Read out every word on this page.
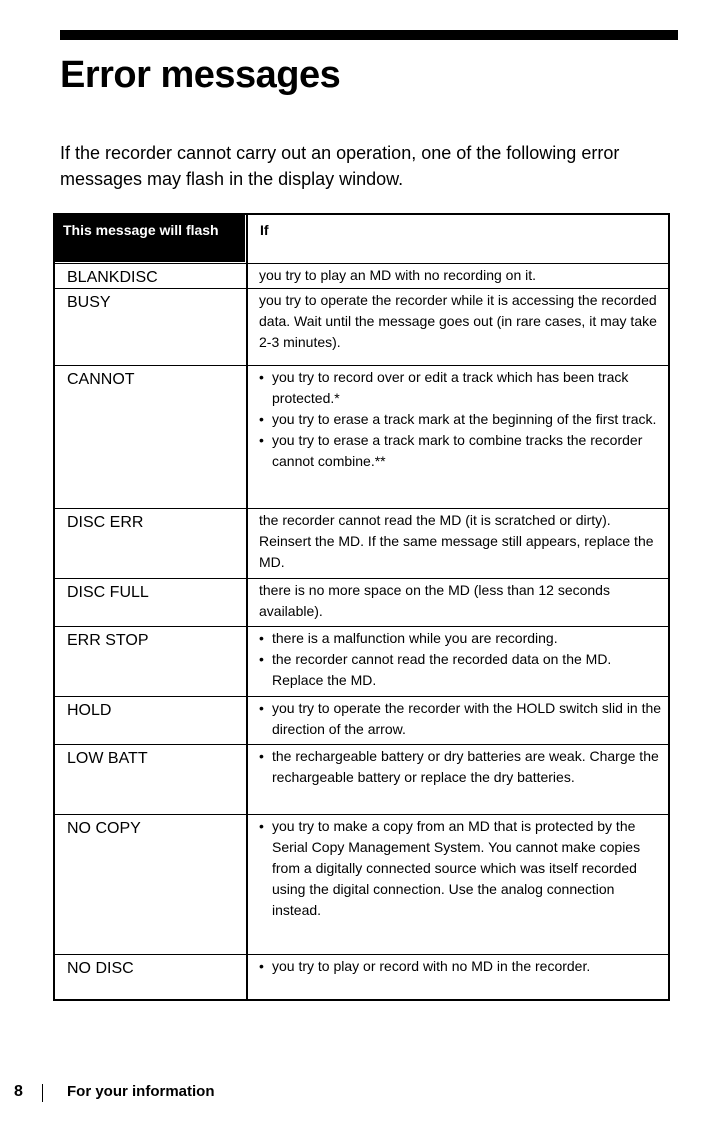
Error messages
If the recorder cannot carry out an operation, one of the following error messages may flash in the display window.
This message will flash	If
BLANKDISC	you try to play an MD with no recording on it.
BUSY	you try to operate the recorder while it is accessing the recorded data. Wait until the message goes out (in rare cases, it may take 2-3 minutes).
CANNOT	• you try to record over or edit a track which has been track protected.*

• you try to erase a track mark at the beginning of the first track.

• you try to erase a track mark to combine tracks the recorder cannot combine.**

DISC ERR	the recorder cannot read the MD (it is scratched or dirty). Reinsert the MD. If the same message still appears, replace the MD.
DISC FULL	there is no more space on the MD (less than 12 seconds available).
ERR STOP	• there is a malfunction while you are recording.

• the recorder cannot read the recorded data on the MD. Replace the MD.

HOLD	• you try to operate the recorder with the HOLD switch slid in the direction of the arrow.

LOW BATT	• the rechargeable battery or dry batteries are weak. Charge the rechargeable battery or replace the dry batteries.

NO COPY	• you try to make a copy from an MD that is protected by the Serial Copy Management System. You cannot make copies from a digitally connected source which was itself recorded using the digital connection. Use the analog connection instead.

NO DISC	• you try to play or record with no MD in the recorder.

8	For your information
